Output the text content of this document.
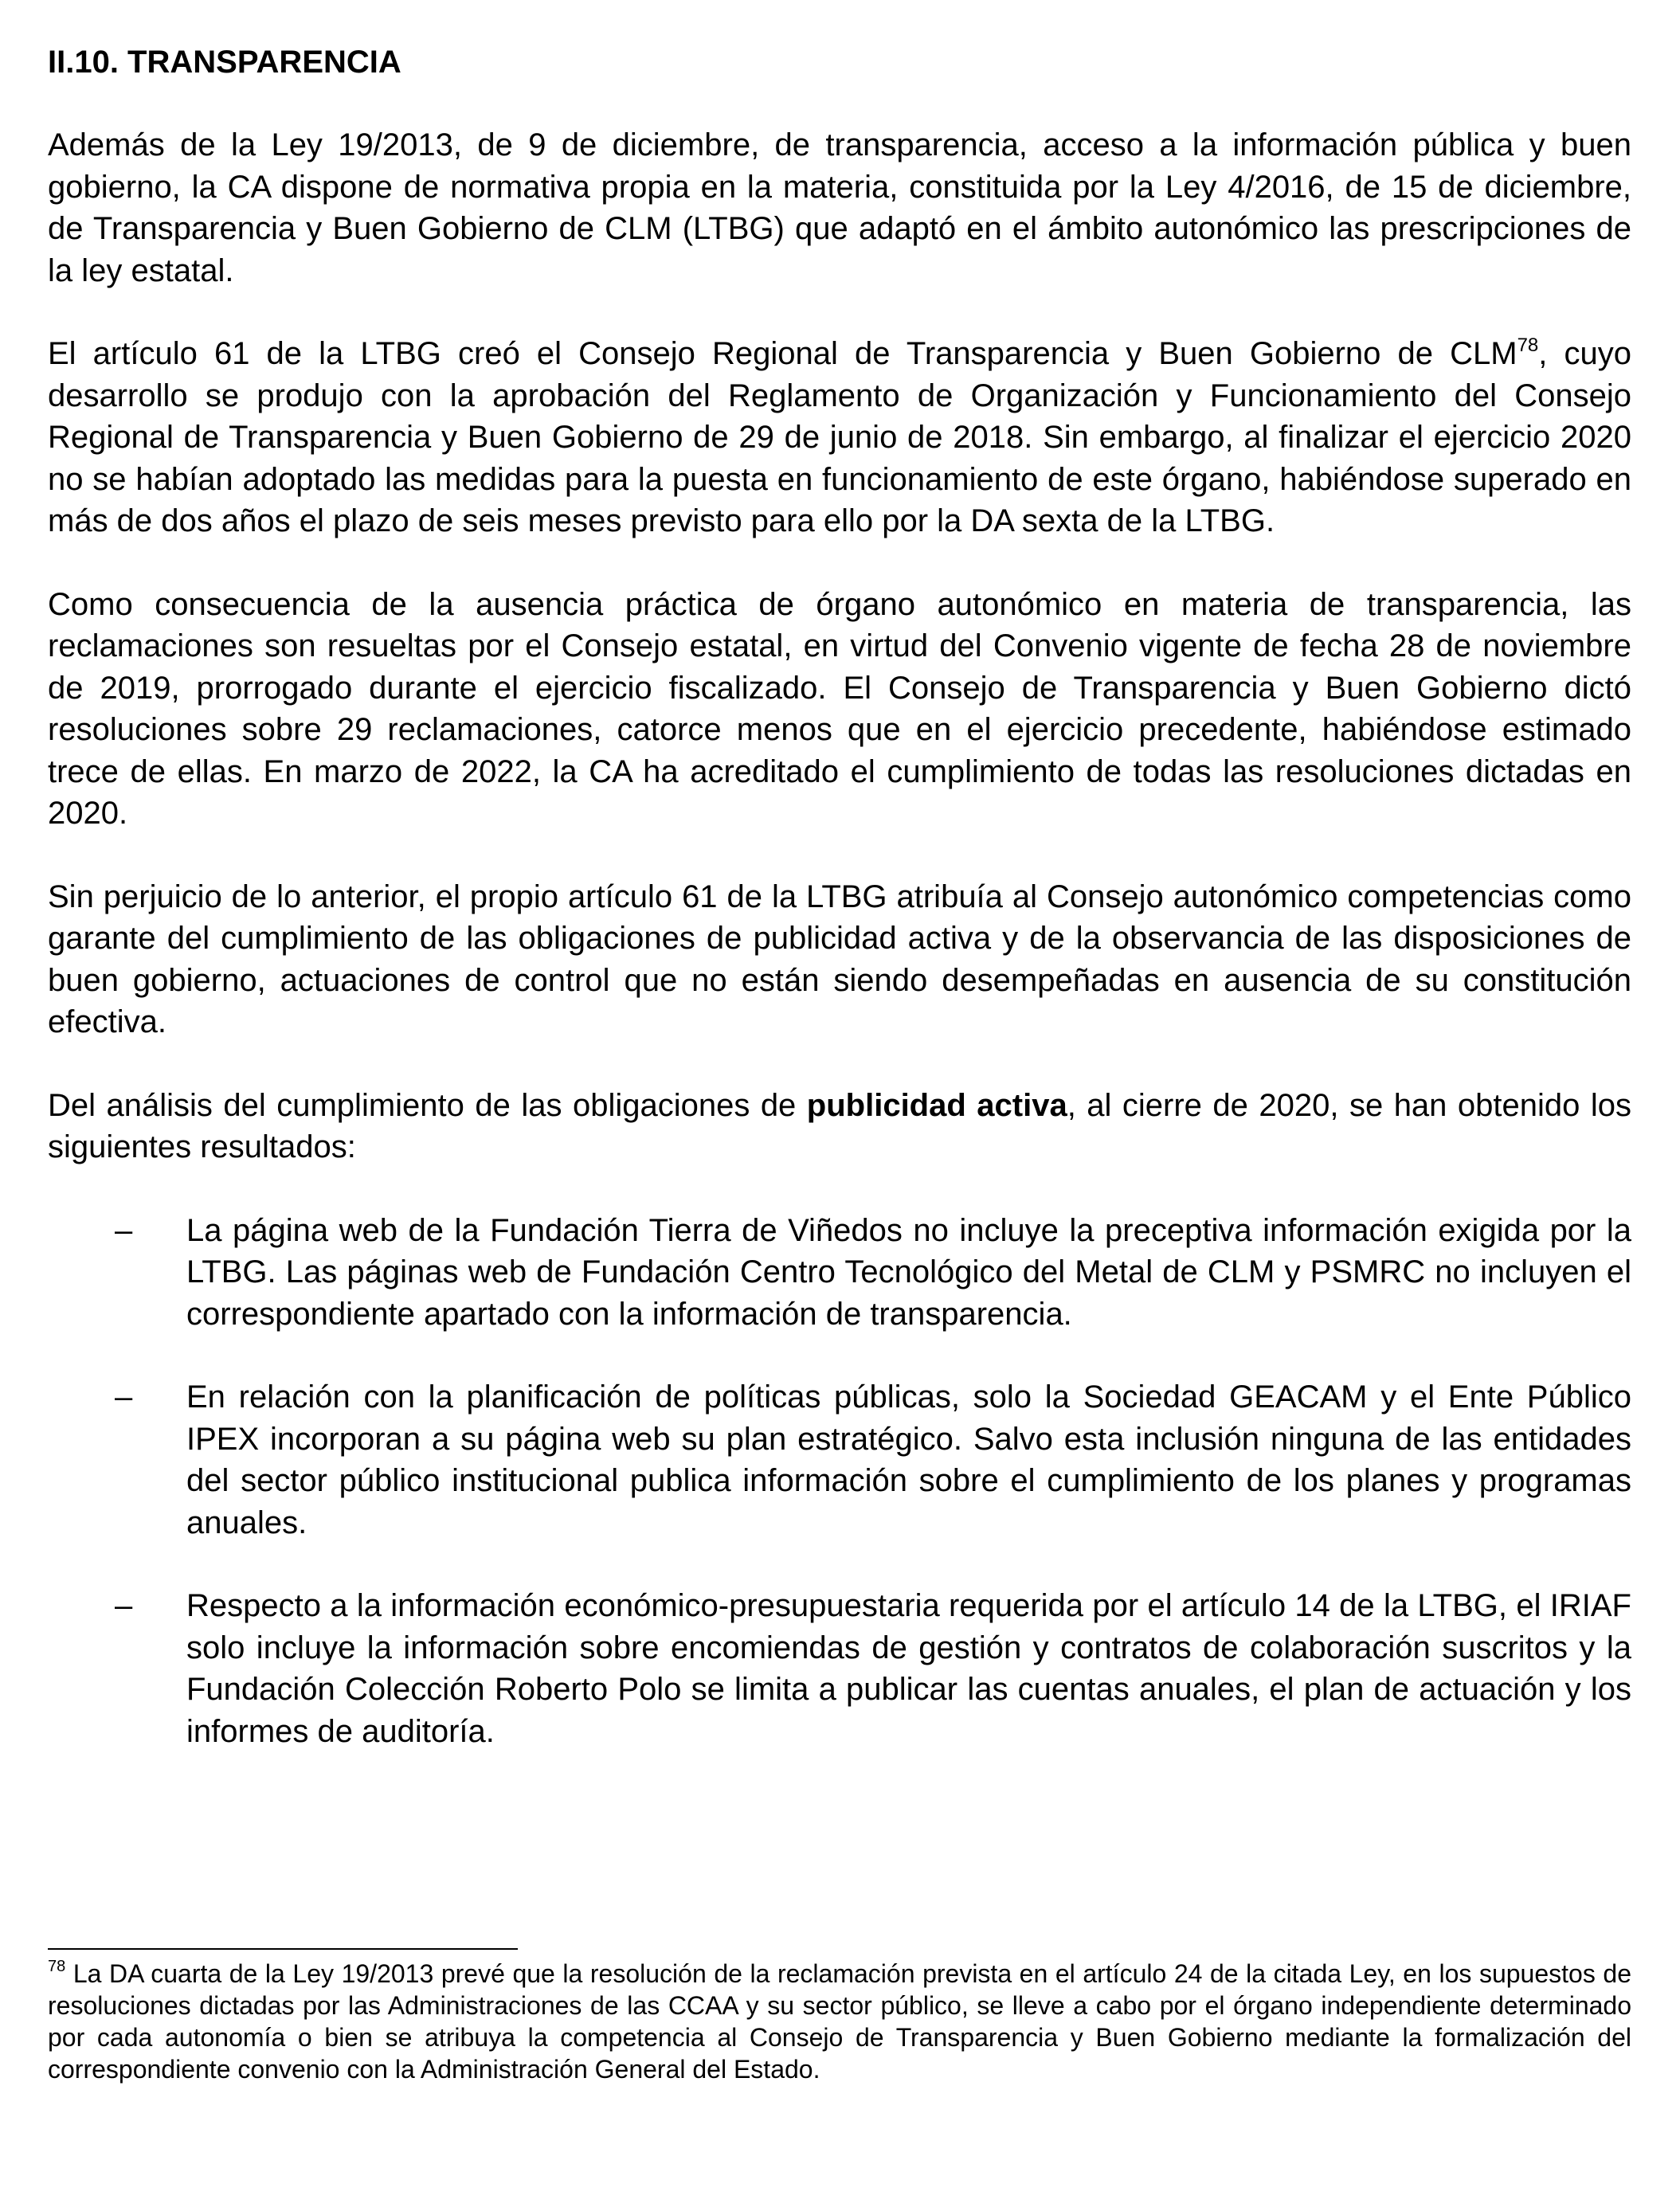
II.10. TRANSPARENCIA

Además de la Ley 19/2013, de 9 de diciembre, de transparencia, acceso a la información pública y buen gobierno, la CA dispone de normativa propia en la materia, constituida por la Ley 4/2016, de 15 de diciembre, de Transparencia y Buen Gobierno de CLM (LTBG) que adaptó en el ámbito autonómico las prescripciones de la ley estatal.

El artículo 61 de la LTBG creó el Consejo Regional de Transparencia y Buen Gobierno de CLM$^{78}$, cuyo desarrollo se produjo con la aprobación del Reglamento de Organización y Funcionamiento del Consejo Regional de Transparencia y Buen Gobierno de 29 de junio de 2018. Sin embargo, al finalizar el ejercicio 2020 no se habían adoptado las medidas para la puesta en funcionamiento de este órgano, habiéndose superado en más de dos años el plazo de seis meses previsto para ello por la DA sexta de la LTBG.

Como consecuencia de la ausencia práctica de órgano autonómico en materia de transparencia, las reclamaciones son resueltas por el Consejo estatal, en virtud del Convenio vigente de fecha 28 de noviembre de 2019, prorrogado durante el ejercicio fiscalizado. El Consejo de Transparencia y Buen Gobierno dictó resoluciones sobre 29 reclamaciones, catorce menos que en el ejercicio precedente, habiéndose estimado trece de ellas. En marzo de 2022, la CA ha acreditado el cumplimiento de todas las resoluciones dictadas en 2020.

Sin perjuicio de lo anterior, el propio artículo 61 de la LTBG atribuía al Consejo autonómico competencias como garante del cumplimiento de las obligaciones de publicidad activa y de la observancia de las disposiciones de buen gobierno, actuaciones de control que no están siendo desempeñadas en ausencia de su constitución efectiva.

Del análisis del cumplimiento de las obligaciones de publicidad activa, al cierre de 2020, se han obtenido los siguientes resultados:

–	La página web de la Fundación Tierra de Viñedos no incluye la preceptiva información exigida por la LTBG. Las páginas web de Fundación Centro Tecnológico del Metal de CLM y PSMRC no incluyen el correspondiente apartado con la información de transparencia.
–	En relación con la planificación de políticas públicas, solo la Sociedad GEACAM y el Ente Público IPEX incorporan a su página web su plan estratégico. Salvo esta inclusión ninguna de las entidades del sector público institucional publica información sobre el cumplimiento de los planes y programas anuales.
–	Respecto a la información económico-presupuestaria requerida por el artículo 14 de la LTBG, el IRIAF solo incluye la información sobre encomiendas de gestión y contratos de colaboración suscritos y la Fundación Colección Roberto Polo se limita a publicar las cuentas anuales, el plan de actuación y los informes de auditoría.
$^{78}$ La DA cuarta de la Ley 19/2013 prevé que la resolución de la reclamación prevista en el artículo 24 de la citada Ley, en los supuestos de resoluciones dictadas por las Administraciones de las CCAA y su sector público, se lleve a cabo por el órgano independiente determinado por cada autonomía o bien se atribuya la competencia al Consejo de Transparencia y Buen Gobierno mediante la formalización del correspondiente convenio con la Administración General del Estado.
